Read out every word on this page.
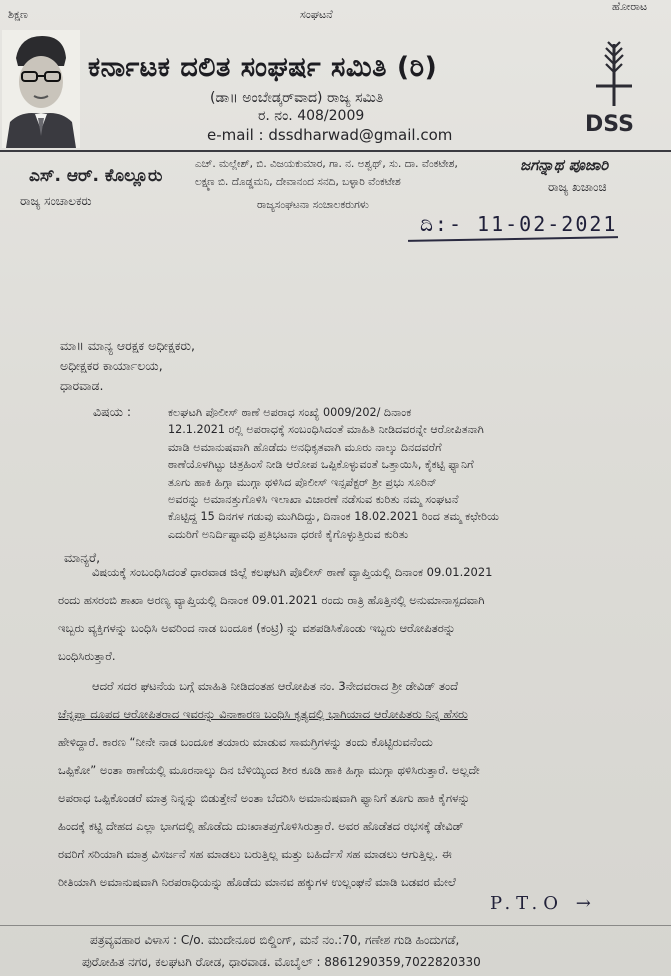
ಶಿಕ್ಷಣ	ಸಂಘಟನೆ
ಹೋರಾಟ
ಕರ್ನಾಟಕ ದಲಿತ ಸಂಘರ್ಷ ಸಮಿತಿ (ರಿ)
(ಡಾ॥ ಅಂಬೇಡ್ಕರ್‌ವಾದ) ರಾಜ್ಯ ಸಮಿತಿ
ರ. ನಂ. 408/2009
e-mail : dssdharwad@gmail.com	DSS
ಎಸ್. ಆರ್. ಕೊಲ್ಲೂರು
ರಾಜ್ಯ ಸಂಚಾಲಕರು
ಎಚ್. ಮಲ್ಲೇಶ್, ಬಿ. ವಿಜಯಕುಮಾರ, ಗಾ. ನ. ಅಶ್ವಥ್, ಸು. ದಾ. ವೆಂಕಟೇಶ,
ಲಕ್ಷ್ಮಣ ಬಿ. ದೊಡ್ಡಮನಿ, ದೇವಾನಂದ ಸನದಿ, ಬಳ್ಳಾರಿ ವೆಂಕಟೇಶ
ರಾಜ್ಯಸಂಘಟನಾ ಸಂಚಾಲಕರುಗಳು
ಜಗನ್ನಾಥ ಪೂಜಾರಿ
ರಾಜ್ಯ ಖಜಾಂಚಿ
ದಿ:- 11-02-2021
ಮಾ॥ ಮಾನ್ಯ ಆರಕ್ಷಕ ಅಧೀಕ್ಷಕರು,
ಅಧೀಕ್ಷಕರ ಕಾರ್ಯಾಲಯ,
ಧಾರವಾಡ.
ವಿಷಯ :	ಕಲಘಟಗಿ ಪೊಲೀಸ್ ಠಾಣೆ ಅಪರಾಧ ಸಂಖ್ಯೆ 0009/202/ ದಿನಾಂಕ
12.1.2021 ರಲ್ಲಿ ಅಪರಾಧಕ್ಕೆ ಸಂಬಂಧಿಸಿದಂತೆ ಮಾಹಿತಿ ನೀಡಿದವರನ್ನೇ ಆರೋಪಿತನಾಗಿ
ಮಾಡಿ ಅಮಾನುಷವಾಗಿ ಹೊಡೆದು ಅನಧಿಕೃತವಾಗಿ ಮೂರು ನಾಲ್ಕು ದಿನದವರೆಗೆ
ಠಾಣೆಯೊಳಗಿಟ್ಟು ಚಿತ್ರಹಿಂಸೆ ನೀಡಿ ಆರೋಪ ಒಪ್ಪಿಕೊಳ್ಳುವಂತೆ ಒತ್ತಾಯಿಸಿ, ಕೈಕಟ್ಟಿ ಫ್ಯಾನಿಗೆ
ತೂಗು ಹಾಕಿ ಹಿಗ್ಗಾ ಮುಗ್ಗಾ ಥಳಿಸಿದ ಪೊಲೀಸ್ ಇನ್ಸಪೆಕ್ಟರ್ ಶ್ರೀ ಪ್ರಭು ಸೂರಿನ್
ಅವರನ್ನು ಅಮಾನತ್ತುಗೊಳಿಸಿ ಇಲಾಖಾ ವಿಚಾರಣೆ ನಡೆಸುವ ಕುರಿತು ನಮ್ಮ ಸಂಘಟನೆ
ಕೊಟ್ಟಿದ್ದ 15 ದಿನಗಳ ಗಡುವು ಮುಗಿದಿದ್ದು, ದಿನಾಂಕ 18.02.2021 ರಿಂದ ತಮ್ಮ ಕಛೇರಿಯ
ಎದುರಿಗೆ ಅನಿರ್ದಿಷ್ಟಾವಧಿ ಪ್ರತಿಭಟನಾ ಧರಣಿ ಕೈಗೊಳ್ಳುತ್ತಿರುವ ಕುರಿತು
ಮಾನ್ಯರೆ,
ವಿಷಯಕ್ಕೆ ಸಂಬಂಧಿಸಿದಂತೆ ಧಾರವಾಡ ಜಿಲ್ಲೆ ಕಲಘಟಗಿ ಪೊಲೀಸ್ ಠಾಣೆ ವ್ಯಾಪ್ತಿಯಲ್ಲಿ ದಿನಾಂಕ 09.01.2021
ರಂದು ಹಸರಂಬಿ ಶಾಖಾ ಅರಣ್ಯ ವ್ಯಾಪ್ತಿಯಲ್ಲಿ ದಿನಾಂಕ 09.01.2021 ರಂದು ರಾತ್ರಿ ಹೊತ್ತಿನಲ್ಲಿ ಅನುಮಾನಾಸ್ಪದವಾಗಿ
ಇಬ್ಬರು ವ್ಯಕ್ತಿಗಳನ್ನು ಬಂಧಿಸಿ ಅವರಿಂದ ನಾಡ ಬಂದೂಕ (ಕಂಟ್ರಿ) ನ್ನು ವಶಪಡಿಸಿಕೊಂಡು ಇಬ್ಬರು ಆರೋಪಿತರನ್ನು
ಬಂಧಿಸಿರುತ್ತಾರೆ.
ಆದರೆ ಸದರ ಘಟನೆಯ ಬಗ್ಗೆ ಮಾಹಿತಿ ನೀಡಿದಂತಹ ಆರೋಪಿತ ನಂ. 3ನೇದವರಾದ ಶ್ರೀ ಡೇವಿಡ್ ತಂದೆ
ಚೆನ್ನಪ್ಪಾ ದೂಪದ ಆರೋಪಿತರಾದ ಇವರನ್ನು ವಿನಾಕಾರಣ ಬಂಧಿಸಿ ಕೃತ್ಯದಲ್ಲಿ ಭಾಗಿಯಾದ ಆರೋಪಿತರು ನಿನ್ನ ಹೆಸರು
ಹೇಳಿದ್ದಾರೆ. ಕಾರಣ “ನೀನೇ ನಾಡ ಬಂದೂಕ ತಯಾರು ಮಾಡುವ ಸಾಮಗ್ರಿಗಳನ್ನು ತಂದು ಕೊಟ್ಟಿರುವನೆಂದು
ಒಪ್ಪಿಕೋ” ಅಂತಾ ಠಾಣೆಯಲ್ಲಿ ಮೂರನಾಲ್ಕು ದಿನ ಬೆಳಿಯ್ಯಿಂದ ಶೀರ ಕೂಡಿ ಹಾಕಿ ಹಿಗ್ಗಾ ಮುಗ್ಗಾ ಥಳಿಸಿರುತ್ತಾರೆ. ಅಲ್ಲದೇ
ಅಪರಾಧ ಒಪ್ಪಿಕೊಂಡರೆ ಮಾತ್ರ ನಿನ್ನನ್ನು ಬಿಡುತ್ತೇನೆ ಅಂತಾ ಬೆದರಿಸಿ ಅಮಾನುಷವಾಗಿ ಫ್ಯಾನಿಗೆ ತೂಗು ಹಾಕಿ ಕೈಗಳನ್ನು
ಹಿಂದಕ್ಕೆ ಕಟ್ಟಿ ದೇಹದ ಎಲ್ಲಾ ಭಾಗದಲ್ಲಿ ಹೊಡೆದು ದುಃಖಾತಪ್ತಗೊಳಿಸಿರುತ್ತಾರೆ. ಅವರ ಹೊಡೆತದ ರಭಸಕ್ಕೆ ಡೇವಿಡ್
ರವರಿಗೆ ಸರಿಯಾಗಿ ಮಾತ್ರ ವಿಸರ್ಜನೆ ಸಹ ಮಾಡಲು ಬರುತ್ತಿಲ್ಲ ಮತ್ತು ಬಹಿರ್ದೆಸೆ ಸಹ ಮಾಡಲು ಆಗುತ್ತಿಲ್ಲ. ಈ
ರೀತಿಯಾಗಿ ಅಮಾನುಷವಾಗಿ ನಿರಪರಾಧಿಯನ್ನು ಹೊಡೆದು ಮಾನವ ಹಕ್ಕುಗಳ ಉಲ್ಲಂಘನೆ ಮಾಡಿ ಬಡವರ ಮೇಲೆ
P.T.O →
ಪತ್ರವ್ಯವಹಾರ ವಿಳಾಸ : C/o. ಮುದೇನೂರ ಬಿಲ್ಡಿಂಗ್, ಮನೆ ನಂ.:70, ಗಣೇಶ ಗುಡಿ ಹಿಂದುಗಡೆ,
ಪುರೋಹಿತ ನಗರ, ಕಲಘಟಗಿ ರೋಡ, ಧಾರವಾಡ. ಮೊಬೈಲ್ : 8861290359,7022820330
